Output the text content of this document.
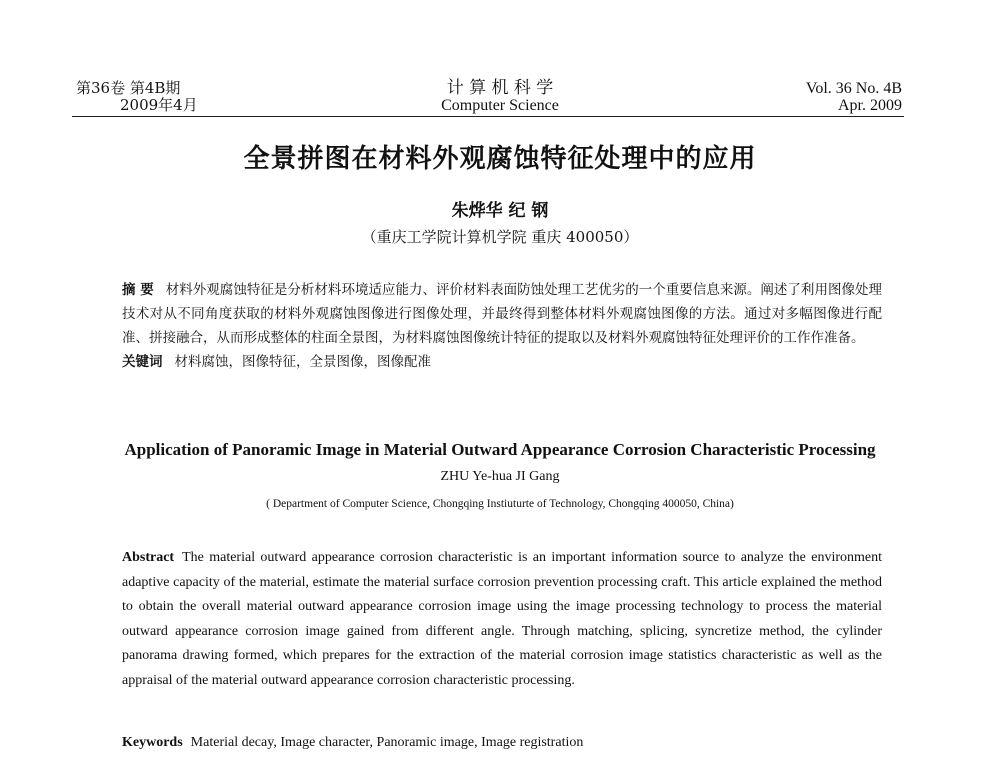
第36卷 第4B期
2009年4月
计 算 机 科 学
Computer Science
Vol. 36 No. 4B
Apr. 2009
全景拼图在材料外观腐蚀特征处理中的应用
朱烨华 纪 钢
（重庆工学院计算机学院 重庆 400050）
摘 要 材料外观腐蚀特征是分析材料环境适应能力、评价材料表面防蚀处理工艺优劣的一个重要信息来源。阐述了利用图像处理技术对从不同角度获取的材料外观腐蚀图像进行图像处理，并最终得到整体材料外观腐蚀图像的方法。通过对多幅图像进行配准、拼接融合，从而形成整体的柱面全景图，为材料腐蚀图像统计特征的提取以及材料外观腐蚀特征处理评价的工作作准备。
关键词 材料腐蚀，图像特征，全景图像，图像配准
Application of Panoramic Image in Material Outward Appearance Corrosion Characteristic Processing
ZHU Ye-hua JI Gang
( Department of Computer Science, Chongqing Instiuturte of Technology, Chongqing 400050, China)
Abstract The material outward appearance corrosion characteristic is an important information source to analyze the environment adaptive capacity of the material, estimate the material surface corrosion prevention processing craft. This article explained the method to obtain the overall material outward appearance corrosion image using the image processing technology to process the material outward appearance corrosion image gained from different angle. Through matching, splicing, syncretize method, the cylinder panorama drawing formed, which prepares for the extraction of the material corrosion image statistics characteristic as well as the appraisal of the material outward appearance corrosion characteristic processing.
Keywords Material decay, Image character, Panoramic image, Image registration
